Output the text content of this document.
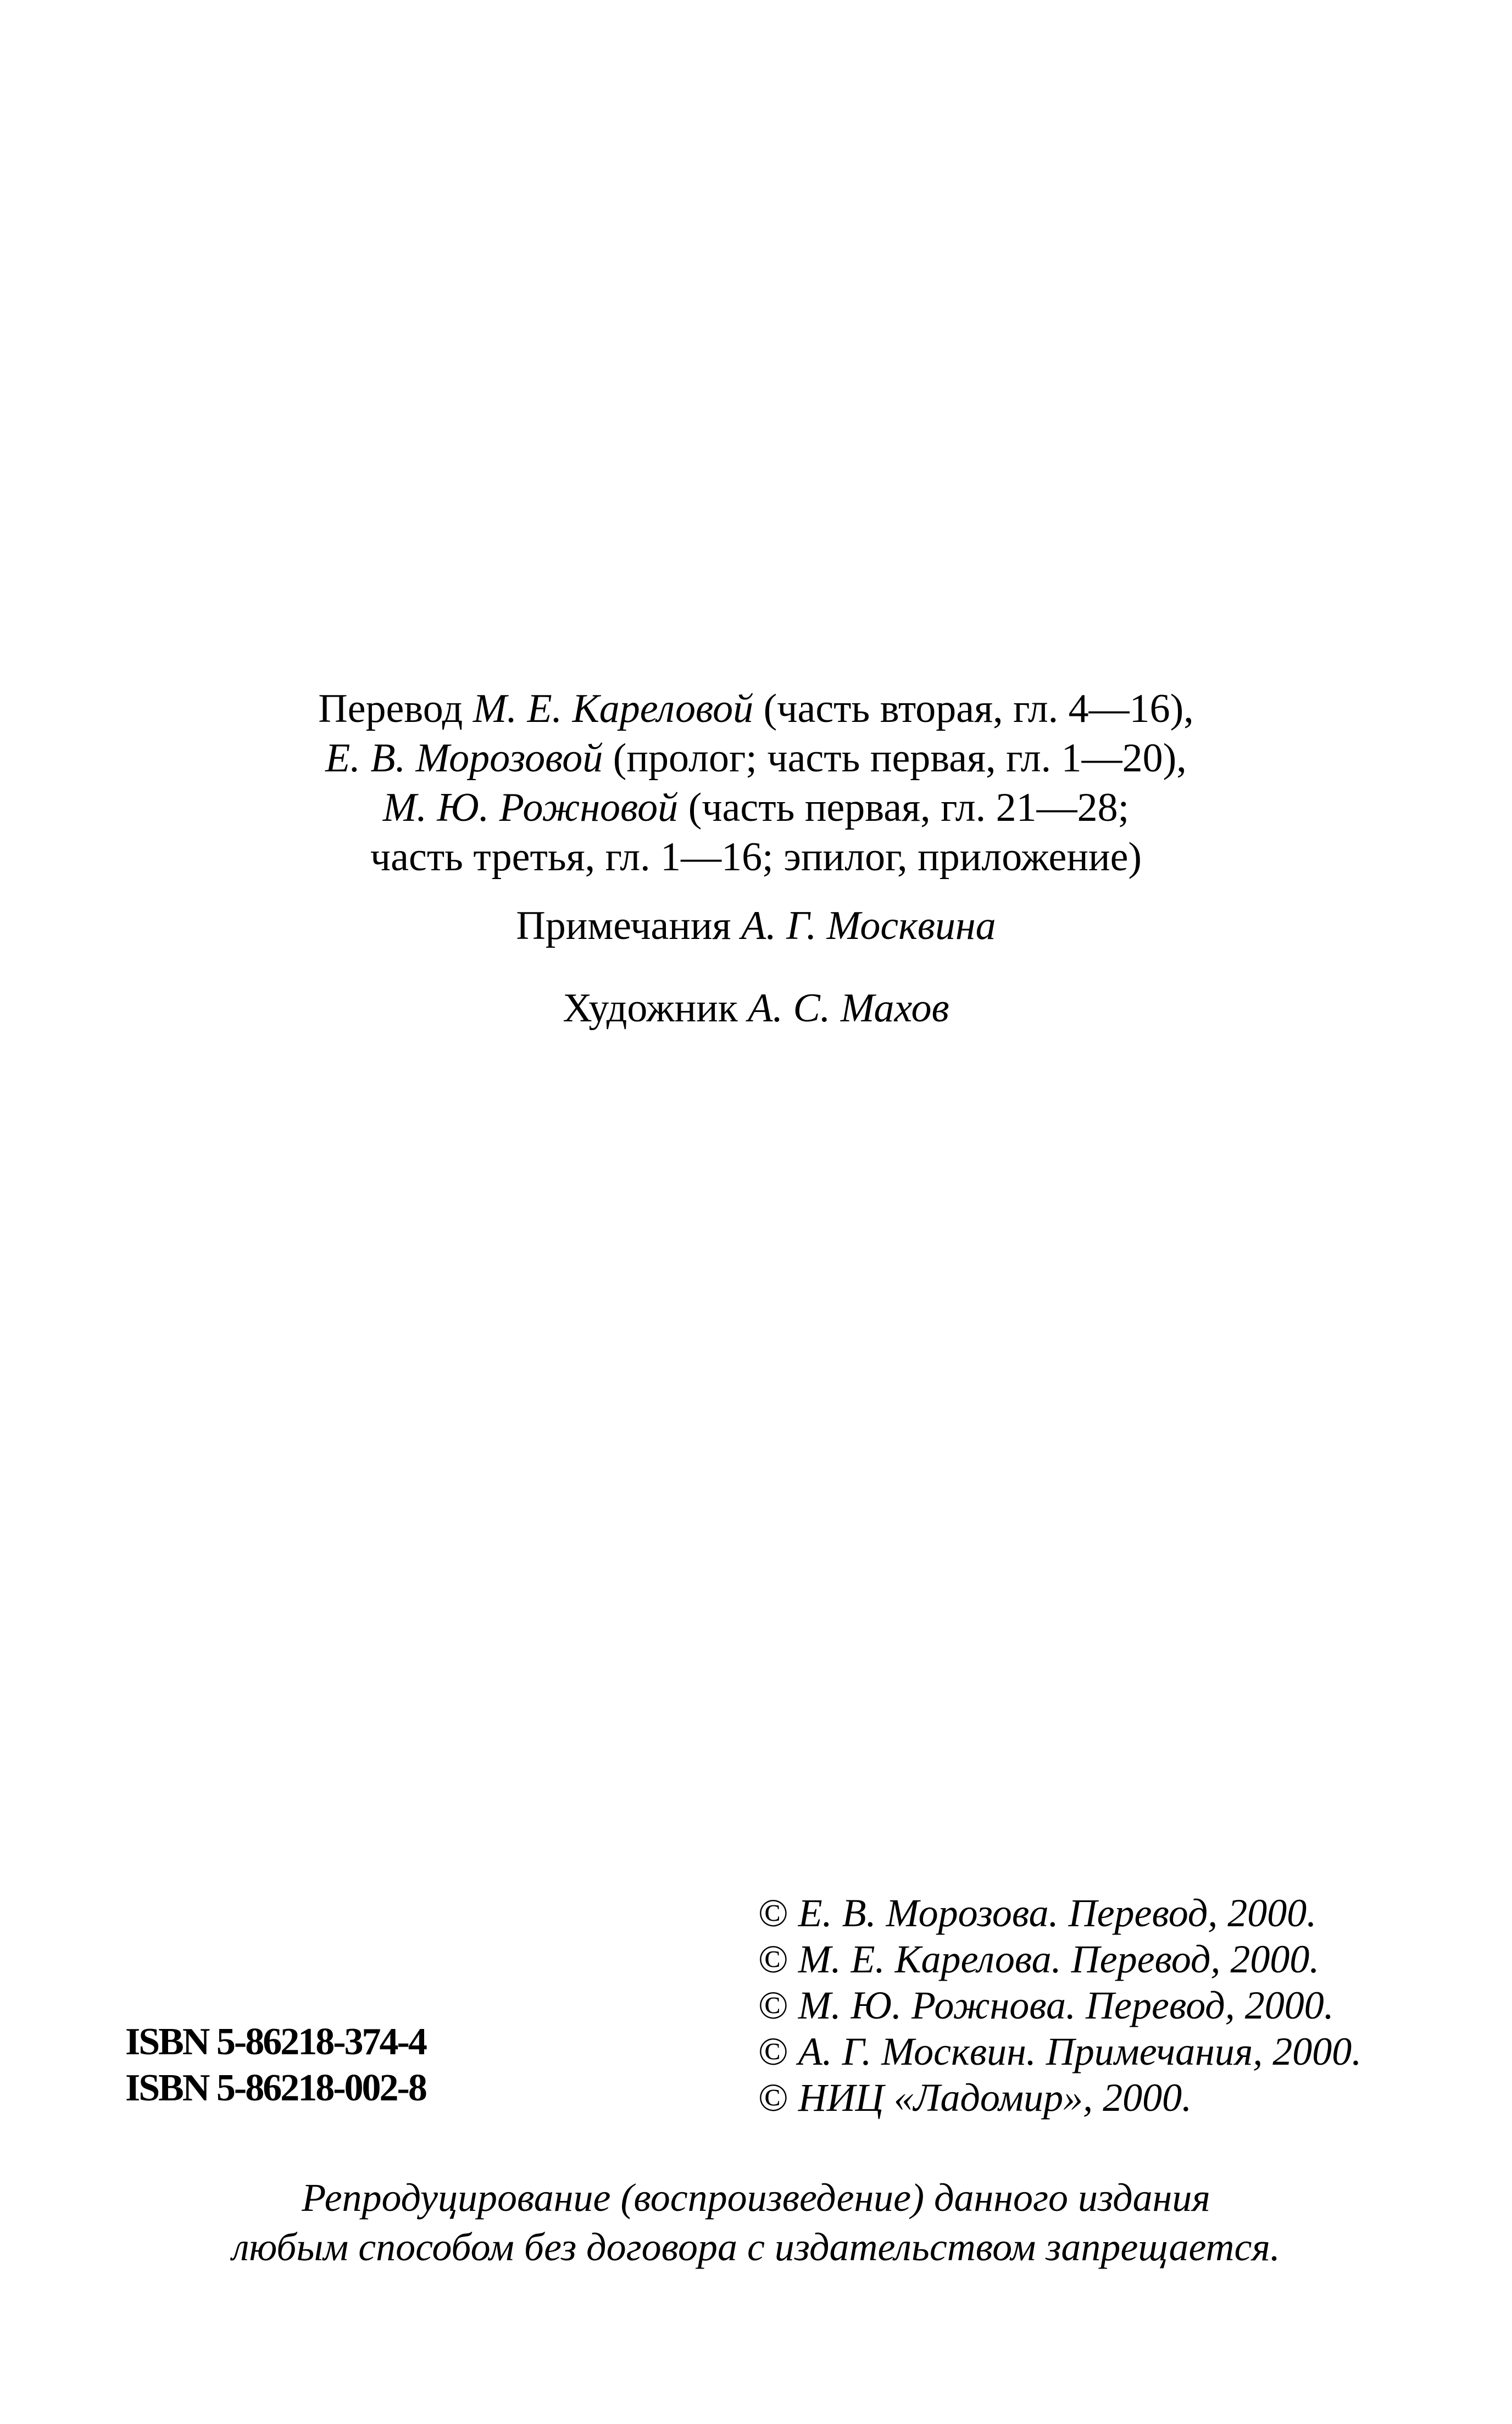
Перевод М. Е. Кареловой (часть вторая, гл. 4—16),
Е. В. Морозовой (пролог; часть первая, гл. 1—20),
М. Ю. Рожновой (часть первая, гл. 21—28;
часть третья, гл. 1—16; эпилог, приложение)
Примечания А. Г. Москвина
Художник А. С. Махов
ISBN 5-86218-374-4
ISBN 5-86218-002-8
© Е. В. Морозова. Перевод, 2000.
© М. Е. Карелова. Перевод, 2000.
© М. Ю. Рожнова. Перевод, 2000.
© А. Г. Москвин. Примечания, 2000.
© НИЦ «Ладомир», 2000.
Репродуцирование (воспроизведение) данного издания
любым способом без договора с издательством запрещается.
